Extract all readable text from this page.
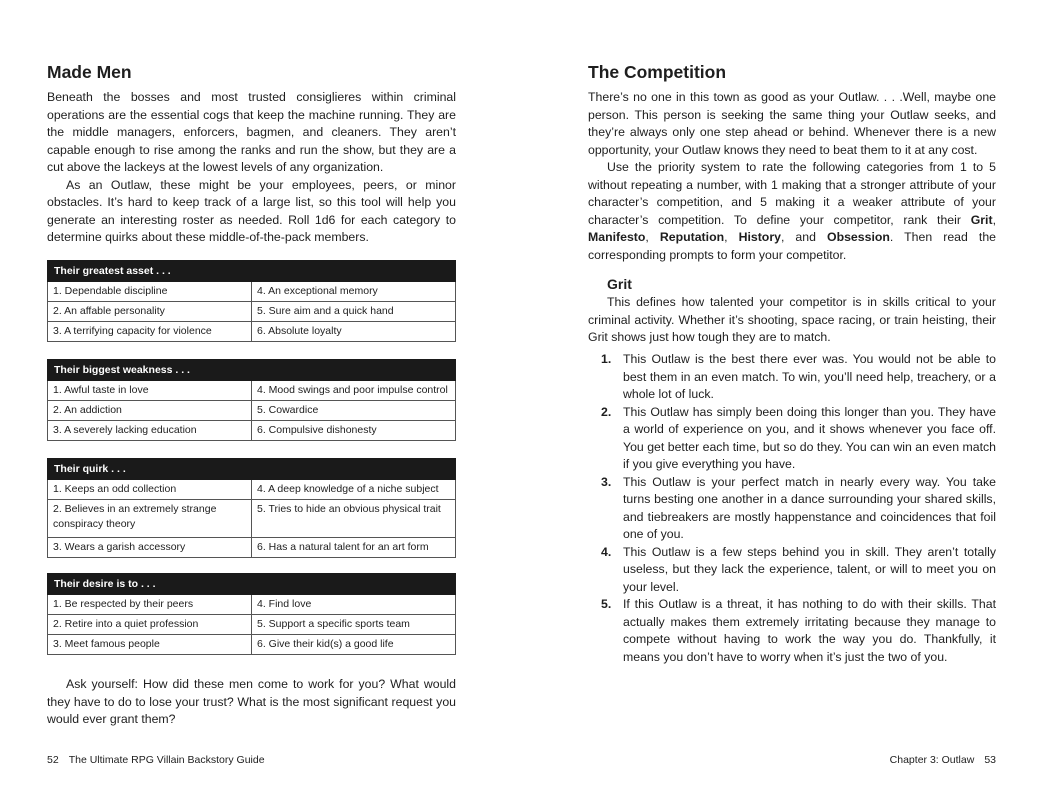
Made Men

Beneath the bosses and most trusted consiglieres within criminal operations are the essential cogs that keep the machine running. They are the middle managers, enforcers, bagmen, and cleaners. They aren’t capable enough to rise among the ranks and run the show, but they are a cut above the lackeys at the lowest levels of any organization.

As an Outlaw, these might be your employees, peers, or minor obstacles. It’s hard to keep track of a large list, so this tool will help you generate an interesting roster as needed. Roll 1d6 for each category to determine quirks about these middle-of-the-pack members.

Their greatest asset . . .	
1. Dependable discipline	4. An exceptional memory
2. An affable personality	5. Sure aim and a quick hand
3. A terrifying capacity for violence	6. Absolute loyalty
Their biggest weakness . . .	
1. Awful taste in love	4. Mood swings and poor impulse control
2. An addiction	5. Cowardice
3. A severely lacking education	6. Compulsive dishonesty
Their quirk . . .	
1. Keeps an odd collection	4. A deep knowledge of a niche subject
2. Believes in an extremely strange conspiracy theory	5. Tries to hide an obvious physical trait
3. Wears a garish accessory	6. Has a natural talent for an art form
Their desire is to . . .	
1. Be respected by their peers	4. Find love
2. Retire into a quiet profession	5. Support a specific sports team
3. Meet famous people	6. Give their kid(s) a good life

Ask yourself: How did these men come to work for you? What would they have to do to lose your trust? What is the most significant request you would ever grant them?

52 The Ultimate RPG Villain Backstory Guide
The Competition

There’s no one in this town as good as your Outlaw. . . .Well, maybe one person. This person is seeking the same thing your Outlaw seeks, and they’re always only one step ahead or behind. Whenever there is a new opportunity, your Outlaw knows they need to beat them to it at any cost.

Use the priority system to rate the following categories from 1 to 5 without repeating a number, with 1 making that a stronger attribute of your character’s competition, and 5 making it a weaker attribute of your character’s competition. To define your competitor, rank their Grit, Manifesto, Reputation, History, and Obsession. Then read the corresponding prompts to form your competitor.

Grit

This defines how talented your competitor is in skills critical to your criminal activity. Whether it’s shooting, space racing, or train heisting, their Grit shows just how tough they are to match.

1. This Outlaw is the best there ever was. You would not be able to best them in an even match. To win, you’ll need help, treachery, or a whole lot of luck.
2. This Outlaw has simply been doing this longer than you. They have a world of experience on you, and it shows whenever you face off. You get better each time, but so do they. You can win an even match if you give everything you have.
3. This Outlaw is your perfect match in nearly every way. You take turns besting one another in a dance surrounding your shared skills, and tiebreakers are mostly happenstance and coincidences that foil one of you.
4. This Outlaw is a few steps behind you in skill. They aren’t totally useless, but they lack the experience, talent, or will to meet you on your level.
5. If this Outlaw is a threat, it has nothing to do with their skills. That actually makes them extremely irritating because they manage to compete without having to work the way you do. Thankfully, it means you don’t have to worry when it’s just the two of you.
Chapter 3: Outlaw 53
